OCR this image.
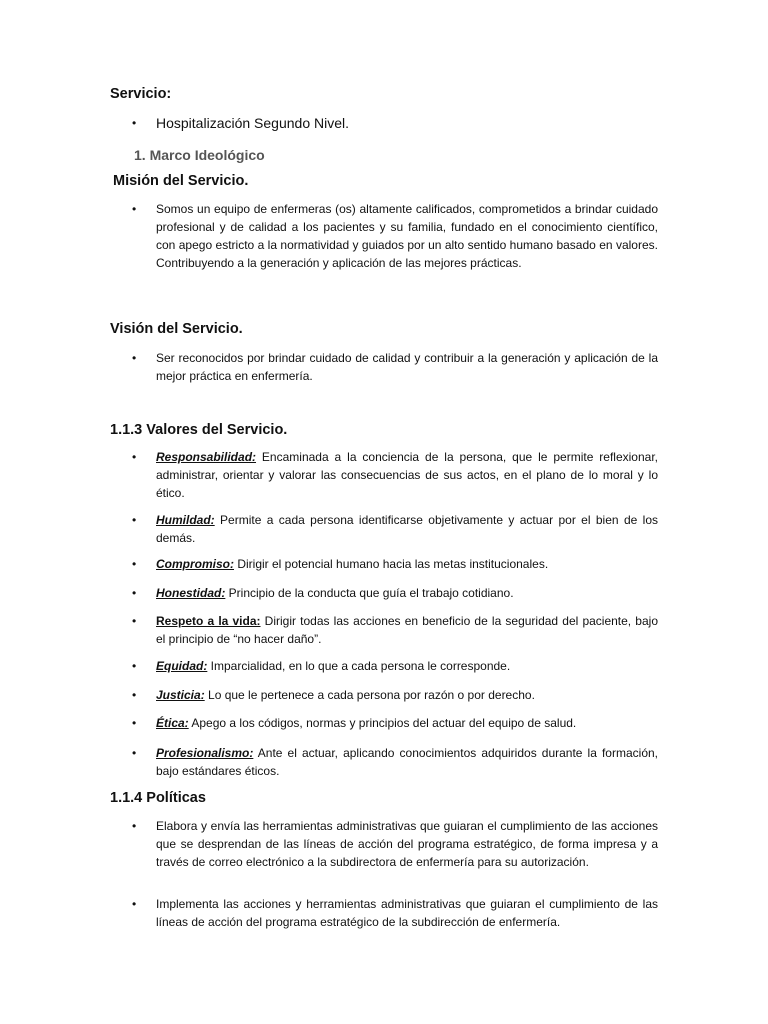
Servicio:

• Hospitalización Segundo Nivel.

1. Marco Ideológico

Misión del Servicio.

• Somos un equipo de enfermeras (os) altamente calificados, comprometidos a brindar cuidado profesional y de calidad a los pacientes y su familia, fundado en el conocimiento científico, con apego estricto a la normatividad y guiados por un alto sentido humano basado en valores. Contribuyendo a la generación y aplicación de las mejores prácticas.

Visión del Servicio.

• Ser reconocidos por brindar cuidado de calidad y contribuir a la generación y aplicación de la mejor práctica en enfermería.

1.1.3 Valores del Servicio.

• Responsabilidad: Encaminada a la conciencia de la persona, que le permite reflexionar, administrar, orientar y valorar las consecuencias de sus actos, en el plano de lo moral y lo ético.
• Humildad: Permite a cada persona identificarse objetivamente y actuar por el bien de los demás.
• Compromiso: Dirigir el potencial humano hacia las metas institucionales.
• Honestidad: Principio de la conducta que guía el trabajo cotidiano.
• Respeto a la vida: Dirigir todas las acciones en beneficio de la seguridad del paciente, bajo el principio de “no hacer daño”.
• Equidad: Imparcialidad, en lo que a cada persona le corresponde.
• Justicia: Lo que le pertenece a cada persona por razón o por derecho.
• Ética: Apego a los códigos, normas y principios del actuar del equipo de salud.
• Profesionalismo: Ante el actuar, aplicando conocimientos adquiridos durante la formación, bajo estándares éticos.

1.1.4 Políticas

• Elabora y envía las herramientas administrativas que guiaran el cumplimiento de las acciones que se desprendan de las líneas de acción del programa estratégico, de forma impresa y a través de correo electrónico a la subdirectora de enfermería para su autorización.
• Implementa las acciones y herramientas administrativas que guiaran el cumplimiento de las líneas de acción del programa estratégico de la subdirección de enfermería.
